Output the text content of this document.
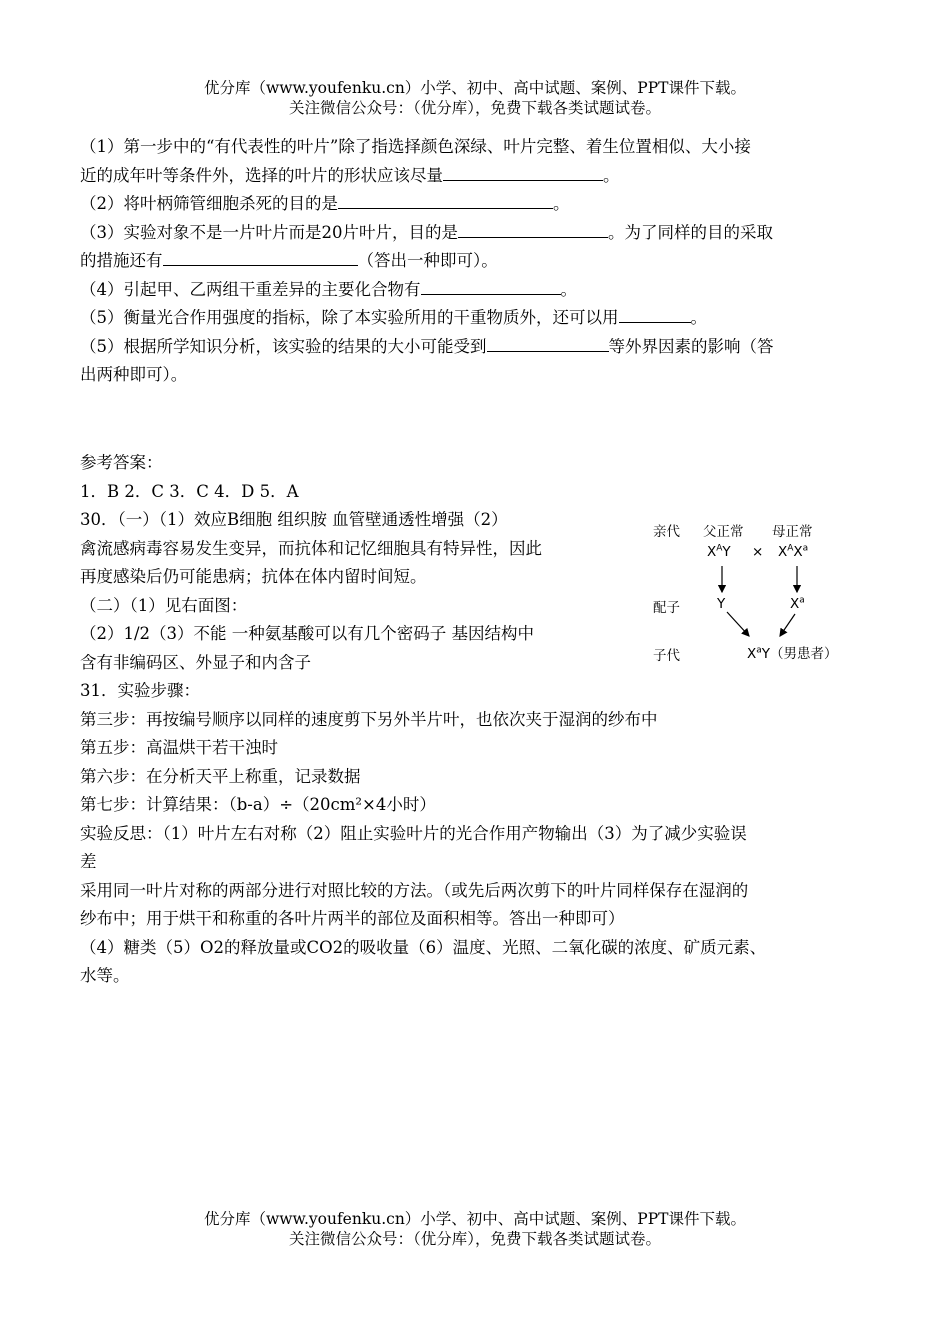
优分库（www.youfenku.cn）小学、初中、高中试题、案例、PPT课件下载。
关注微信公众号：（优分库），免费下载各类试题试卷。
（1）第一步中的“有代表性的叶片”除了指选择颜色深绿、叶片完整、着生位置相似、大小接
近的成年叶等条件外，选择的叶片的形状应该尽量	。
（2）将叶柄筛管细胞杀死的目的是	。
（3）实验对象不是一片叶片而是20片叶片，目的是	。为了同样的目的采取
的措施还有	（答出一种即可）。
（4）引起甲、乙两组干重差异的主要化合物有	。
（5）衡量光合作用强度的指标，除了本实验所用的干重物质外，还可以用	。
（5）根据所学知识分析，该实验的结果的大小可能受到	等外界因素的影响（答
出两种即可）。
参考答案：
1．B 2．C 3．C 4．D 5．A
30．（一）（1）效应B细胞 组织胺 血管壁通透性增强（2）
禽流感病毒容易发生变异，而抗体和记忆细胞具有特异性，因此
再度感染后仍可能患病；抗体在体内留时间短。
（二）（1）见右面图：
（2）1/2（3）不能 一种氨基酸可以有几个密码子 基因结构中
含有非编码区、外显子和内含子
31．实验步骤：
第三步：再按编号顺序以同样的速度剪下另外半片叶，也依次夹于湿润的纱布中
第五步：高温烘干若干浊时
第六步：在分析天平上称重，记录数据
第七步：计算结果：（b-a）÷（20cm²×4小时）
实验反思：（1）叶片左右对称（2）阻止实验叶片的光合作用产物输出（3）为了减少实验误
差
采用同一叶片对称的两部分进行对照比较的方法。（或先后两次剪下的叶片同样保存在湿润的
纱布中；用于烘干和称重的各叶片两半的部位及面积相等。答出一种即可）
（4）糖类（5）O2的释放量或CO2的吸收量（6）温度、光照、二氧化碳的浓度、矿质元素、
水等。
亲代 父正常 母正常
$X^AY \times X^AX^a$
配子	Y	$X^a$
子代	$X^aY$（男患者）
优分库（www.youfenku.cn）小学、初中、高中试题、案例、PPT课件下载。
关注微信公众号：（优分库），免费下载各类试题试卷。
